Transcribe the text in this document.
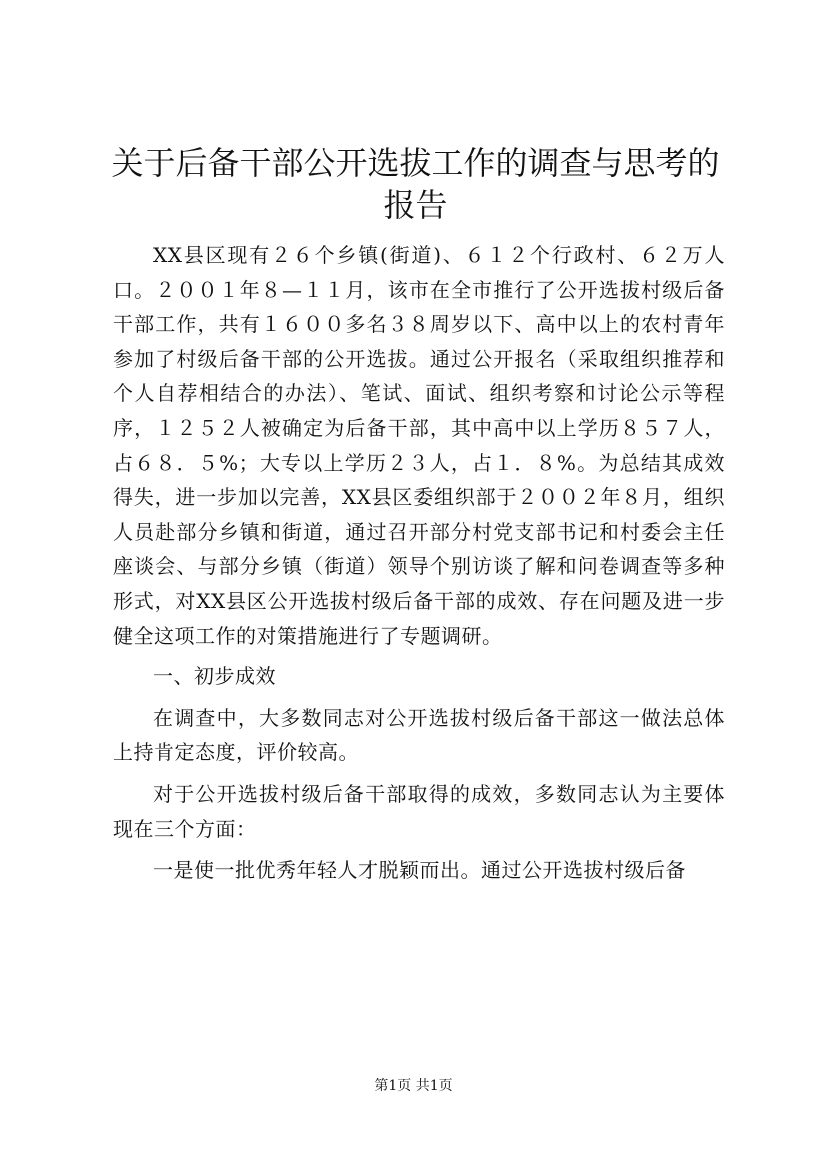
关于后备干部公开选拔工作的调查与思考的报告

XX县区现有２６个乡镇(街道)、６１２个行政村、６２万人口。２００１年８—１１月，该市在全市推行了公开选拔村级后备干部工作，共有１６００多名３８周岁以下、高中以上的农村青年参加了村级后备干部的公开选拔。通过公开报名（采取组织推荐和个人自荐相结合的办法）、笔试、面试、组织考察和讨论公示等程序，１２５２人被确定为后备干部，其中高中以上学历８５７人，占６８．５%；大专以上学历２３人，占１．８%。为总结其成效得失，进一步加以完善，XX县区委组织部于２００２年８月，组织人员赴部分乡镇和街道，通过召开部分村党支部书记和村委会主任座谈会、与部分乡镇（街道）领导个别访谈了解和问卷调查等多种形式，对XX县区公开选拔村级后备干部的成效、存在问题及进一步健全这项工作的对策措施进行了专题调研。

一、初步成效

在调查中，大多数同志对公开选拔村级后备干部这一做法总体上持肯定态度，评价较高。

对于公开选拔村级后备干部取得的成效，多数同志认为主要体现在三个方面：

一是使一批优秀年轻人才脱颖而出。通过公开选拔村级后备

第1页 共1页
